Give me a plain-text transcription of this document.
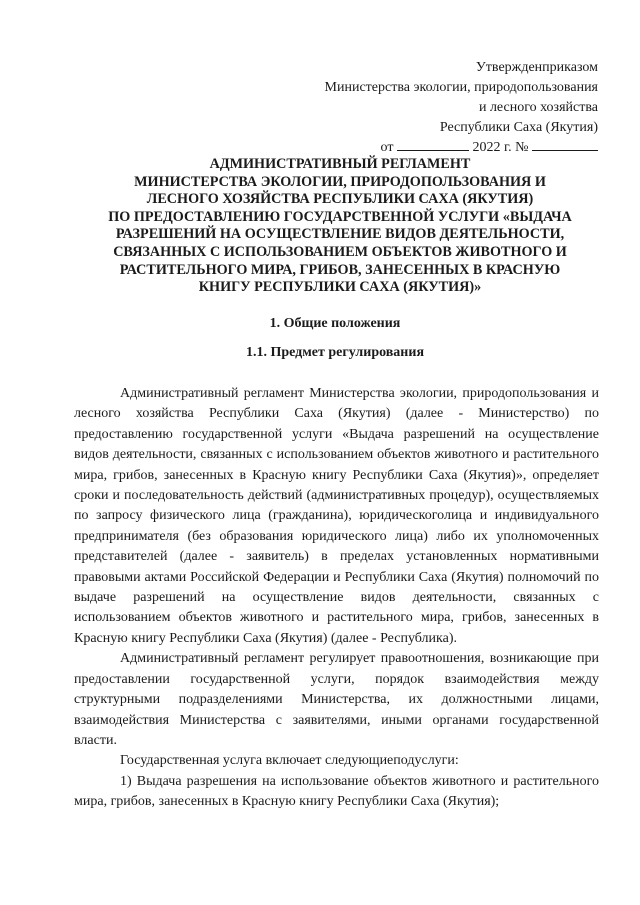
Утвержденприказом
Министерства экологии, природопользования
и лесного хозяйства
Республики Саха (Якутия)
от	2022 г. №
АДМИНИСТРАТИВНЫЙ РЕГЛАМЕНТ
МИНИСТЕРСТВА ЭКОЛОГИИ, ПРИРОДОПОЛЬЗОВАНИЯ И
ЛЕСНОГО ХОЗЯЙСТВА РЕСПУБЛИКИ САХА (ЯКУТИЯ)
ПО ПРЕДОСТАВЛЕНИЮ ГОСУДАРСТВЕННОЙ УСЛУГИ «ВЫДАЧА
РАЗРЕШЕНИЙ НА ОСУЩЕСТВЛЕНИЕ ВИДОВ ДЕЯТЕЛЬНОСТИ,
СВЯЗАННЫХ С ИСПОЛЬЗОВАНИЕМ ОБЪЕКТОВ ЖИВОТНОГО И
РАСТИТЕЛЬНОГО МИРА, ГРИБОВ, ЗАНЕСЕННЫХ В КРАСНУЮ
КНИГУ РЕСПУБЛИКИ САХА (ЯКУТИЯ)»
1. Общие положения
1.1. Предмет регулирования

Административный регламент Министерства экологии, природопользования и лесного хозяйства Республики Саха (Якутия) (далее - Министерство) по предоставлению государственной услуги «Выдача разрешений на осуществление видов деятельности, связанных с использованием объектов животного и растительного мира, грибов, занесенных в Красную книгу Республики Саха (Якутия)», определяет сроки и последовательность действий (административных процедур), осуществляемых по запросу физического лица (гражданина), юридическоголица и индивидуального предпринимателя (без образования юридического лица) либо их уполномоченных представителей (далее - заявитель) в пределах установленных нормативными правовыми актами Российской Федерации и Республики Саха (Якутия) полномочий по выдаче разрешений на осуществление видов деятельности, связанных с использованием объектов животного и растительного мира, грибов, занесенных в Красную книгу Республики Саха (Якутия) (далее - Республика).

Административный регламент регулирует правоотношения, возникающие при предоставлении государственной услуги, порядок взаимодействия между структурными подразделениями Министерства, их должностными лицами, взаимодействия Министерства с заявителями, иными органами государственной власти.

Государственная услуга включает следующиеподуслуги:

1) Выдача разрешения на использование объектов животного и растительного мира, грибов, занесенных в Красную книгу Республики Саха (Якутия);
